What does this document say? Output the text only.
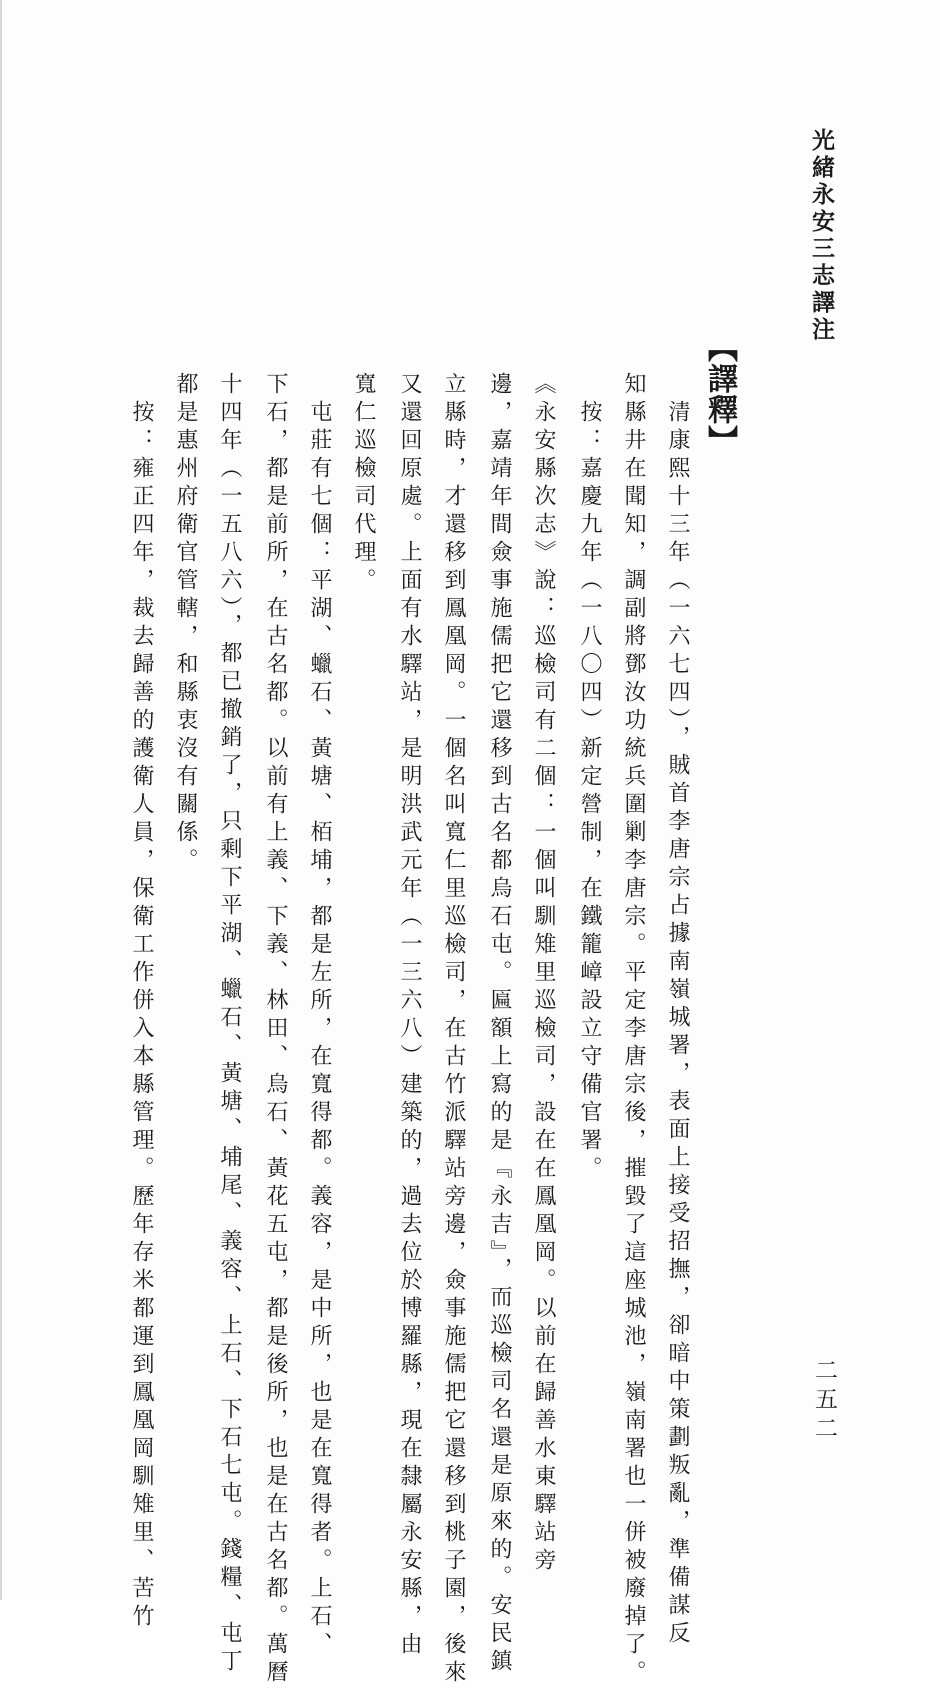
光緒永安三志譯注
二五二
【譯釋】
　清康熙十三年（一六七四），賊首李唐宗占據南嶺城署，表面上接受招撫，卻暗中策劃叛亂，準備謀反
知縣井在聞知，調副將鄧汝功統兵圍剿李唐宗。平定李唐宗後，摧毀了這座城池，嶺南署也一併被廢掉了。
　按：嘉慶九年（一八〇四）新定營制，在鐵籠嶂設立守備官署。
《永安縣次志》說：巡檢司有二個：一個叫馴雉里巡檢司，設在在鳳凰岡。以前在歸善水東驛站旁
邊，嘉靖年間僉事施儒把它還移到古名都烏石屯。匾額上寫的是『永吉』，而巡檢司名還是原來的。安民鎮
立縣時，才還移到鳳凰岡。一個名叫寬仁里巡檢司，在古竹派驛站旁邊，僉事施儒把它還移到桃子園，後來
又還回原處。上面有水驛站，是明洪武元年（一三六八）建築的，過去位於博羅縣，現在隸屬永安縣，由
寬仁巡檢司代理。
　屯莊有七個：平湖、蠟石、黃塘、栢埔，都是左所，在寬得都。義容，是中所，也是在寬得者。上石、
下石，都是前所，在古名都。以前有上義、下義、林田、烏石、黃花五屯，都是後所，也是在古名都。萬曆
十四年（一五八六），都已撤銷了，只剩下平湖、蠟石、黃塘、埔尾、義容、上石、下石七屯。錢糧、屯丁
都是惠州府衛官管轄，和縣衷沒有關係。
　按：雍正四年，裁去歸善的護衛人員，保衛工作併入本縣管理。歷年存米都運到鳳凰岡馴雉里、苦竹
